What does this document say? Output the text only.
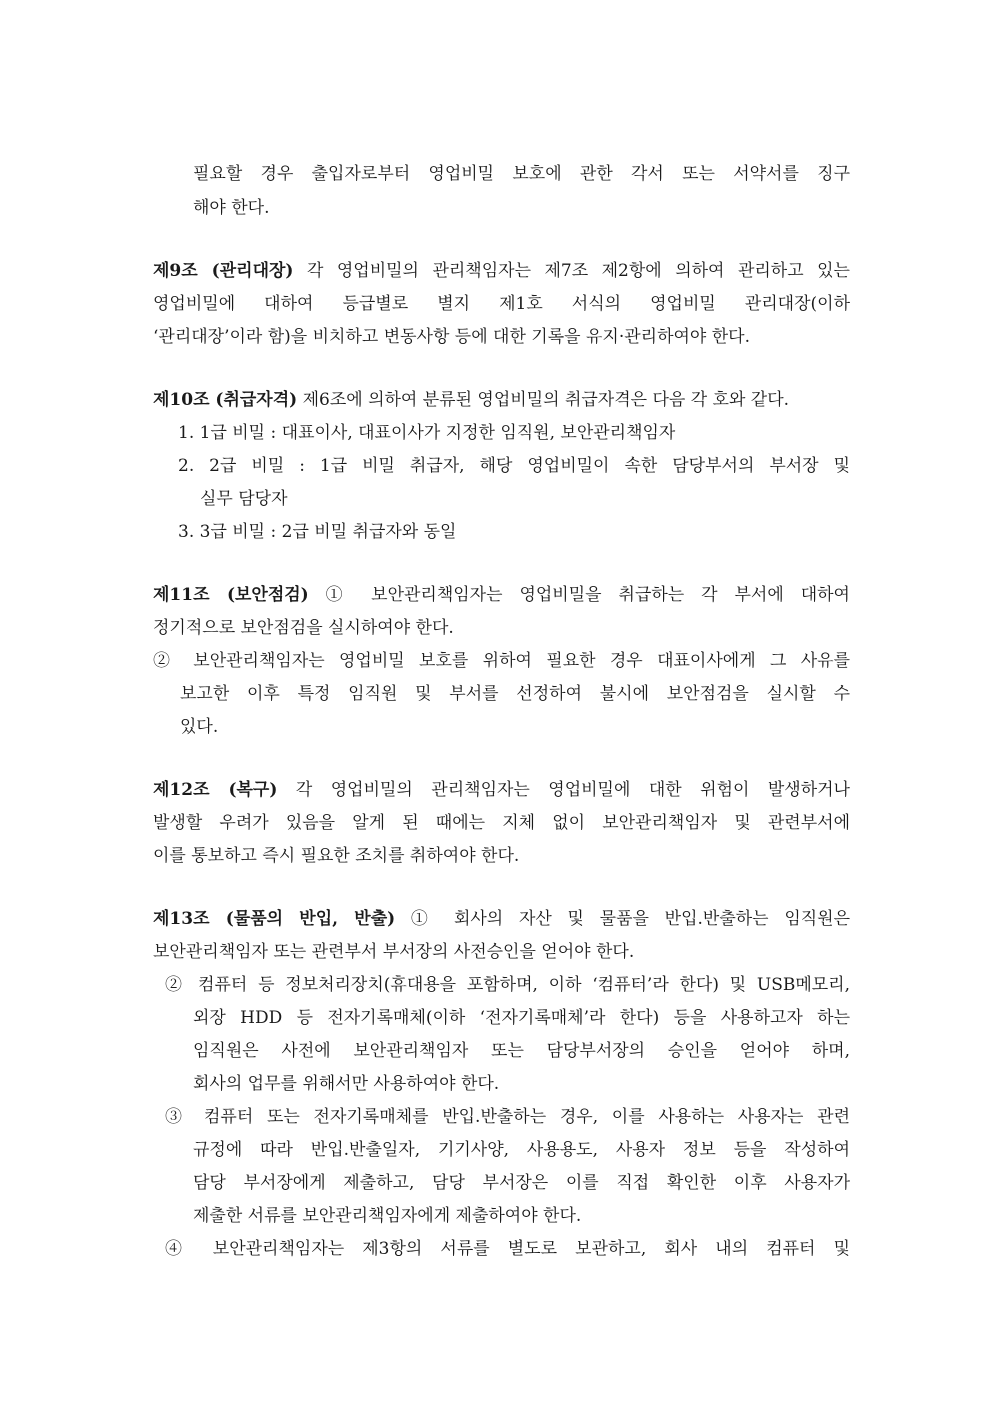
필요할 경우 출입자로부터 영업비밀 보호에 관한 각서 또는 서약서를 징구
해야 한다.
제9조 (관리대장) 각 영업비밀의 관리책임자는 제7조 제2항에 의하여 관리하고 있는
영업비밀에 대하여 등급별로 별지 제1호 서식의 영업비밀 관리대장(이하
‘관리대장’이라 함)을 비치하고 변동사항 등에 대한 기록을 유지·관리하여야 한다.
제10조 (취급자격) 제6조에 의하여 분류된 영업비밀의 취급자격은 다음 각 호와 같다.
1. 1급 비밀 : 대표이사, 대표이사가 지정한 임직원, 보안관리책임자
2. 2급 비밀 : 1급 비밀 취급자, 해당 영업비밀이 속한 담당부서의 부서장 및
실무 담당자
3. 3급 비밀 : 2급 비밀 취급자와 동일
제11조 (보안점검) ① 보안관리책임자는 영업비밀을 취급하는 각 부서에 대하여
정기적으로 보안점검을 실시하여야 한다.
② 보안관리책임자는 영업비밀 보호를 위하여 필요한 경우 대표이사에게 그 사유를
보고한 이후 특정 임직원 및 부서를 선정하여 불시에 보안점검을 실시할 수
있다.
제12조 (복구) 각 영업비밀의 관리책임자는 영업비밀에 대한 위험이 발생하거나
발생할 우려가 있음을 알게 된 때에는 지체 없이 보안관리책임자 및 관련부서에
이를 통보하고 즉시 필요한 조치를 취하여야 한다.
제13조 (물품의 반입, 반출) ① 회사의 자산 및 물품을 반입.반출하는 임직원은
보안관리책임자 또는 관련부서 부서장의 사전승인을 얻어야 한다.
② 컴퓨터 등 정보처리장치(휴대용을 포함하며, 이하 ‘컴퓨터’라 한다) 및 USB메모리,
외장 HDD 등 전자기록매체(이하 ‘전자기록매체’라 한다) 등을 사용하고자 하는
임직원은 사전에 보안관리책임자 또는 담당부서장의 승인을 얻어야 하며,
회사의 업무를 위해서만 사용하여야 한다.
③ 컴퓨터 또는 전자기록매체를 반입.반출하는 경우, 이를 사용하는 사용자는 관련
규정에 따라 반입.반출일자, 기기사양, 사용용도, 사용자 정보 등을 작성하여
담당 부서장에게 제출하고, 담당 부서장은 이를 직접 확인한 이후 사용자가
제출한 서류를 보안관리책임자에게 제출하여야 한다.
④ 보안관리책임자는 제3항의 서류를 별도로 보관하고, 회사 내의 컴퓨터 및
